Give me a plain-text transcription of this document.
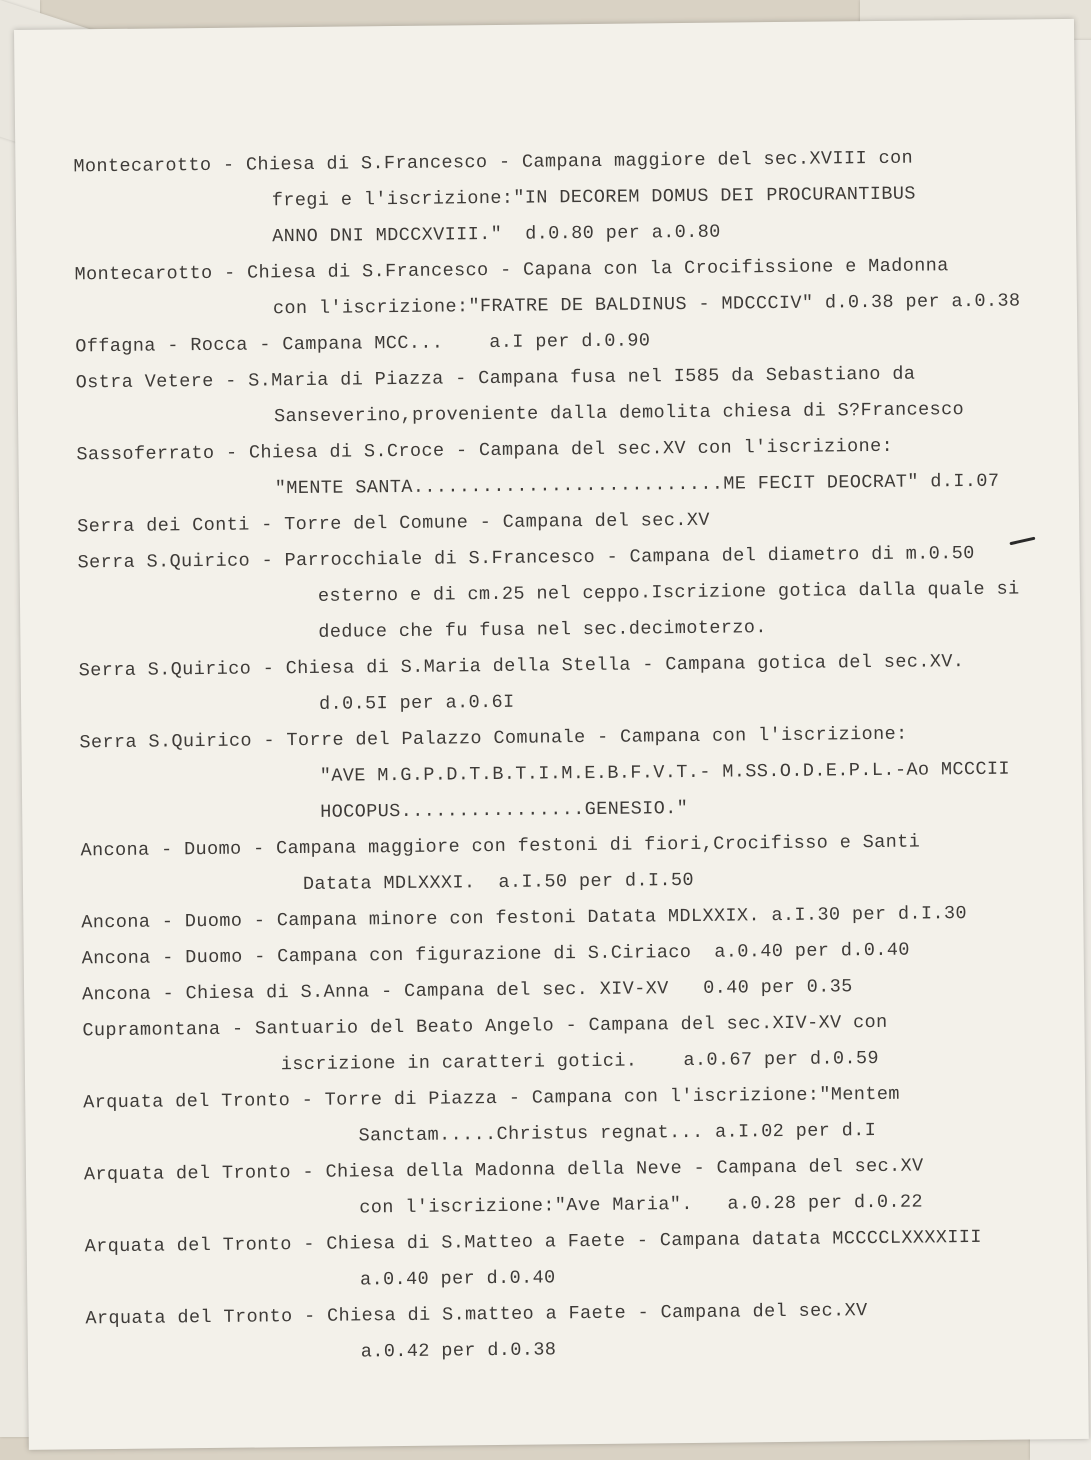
Montecarotto - Chiesa di S.Francesco - Campana maggiore del sec.XVIII con
fregi e l'iscrizione:"IN DECOREM DOMUS DEI PROCURANTIBUS
ANNO DNI MDCCXVIII."  d.0.80 per a.0.80
Montecarotto - Chiesa di S.Francesco - Capana con la Crocifissione e Madonna
con l'iscrizione:"FRATRE DE BALDINUS - MDCCCIV" d.0.38 per a.0.38
Offagna - Rocca - Campana MCC...    a.I per d.0.90
Ostra Vetere - S.Maria di Piazza - Campana fusa nel I585 da Sebastiano da
Sanseverino,proveniente dalla demolita chiesa di S?Francesco
Sassoferrato - Chiesa di S.Croce - Campana del sec.XV con l'iscrizione:
"MENTE SANTA...........................ME FECIT DEOCRAT" d.I.07
Serra dei Conti - Torre del Comune - Campana del sec.XV
Serra S.Quirico - Parrocchiale di S.Francesco - Campana del diametro di m.0.50
esterno e di cm.25 nel ceppo.Iscrizione gotica dalla quale si
deduce che fu fusa nel sec.decimoterzo.
Serra S.Quirico - Chiesa di S.Maria della Stella - Campana gotica del sec.XV.
d.0.5I per a.0.6I
Serra S.Quirico - Torre del Palazzo Comunale - Campana con l'iscrizione:
"AVE M.G.P.D.T.B.T.I.M.E.B.F.V.T.- M.SS.O.D.E.P.L.-Ao MCCCII
HOCOPUS................GENESIO."
Ancona - Duomo - Campana maggiore con festoni di fiori,Crocifisso e Santi
Datata MDLXXXI.  a.I.50 per d.I.50
Ancona - Duomo - Campana minore con festoni Datata MDLXXIX. a.I.30 per d.I.30
Ancona - Duomo - Campana con figurazione di S.Ciriaco  a.0.40 per d.0.40
Ancona - Chiesa di S.Anna - Campana del sec. XIV-XV   0.40 per 0.35
Cupramontana - Santuario del Beato Angelo - Campana del sec.XIV-XV con
iscrizione in caratteri gotici.    a.0.67 per d.0.59
Arquata del Tronto - Torre di Piazza - Campana con l'iscrizione:"Mentem
Sanctam.....Christus regnat... a.I.02 per d.I
Arquata del Tronto - Chiesa della Madonna della Neve - Campana del sec.XV
con l'iscrizione:"Ave Maria".   a.0.28 per d.0.22
Arquata del Tronto - Chiesa di S.Matteo a Faete - Campana datata MCCCCLXXXXIII
a.0.40 per d.0.40
Arquata del Tronto - Chiesa di S.matteo a Faete - Campana del sec.XV
a.0.42 per d.0.38
